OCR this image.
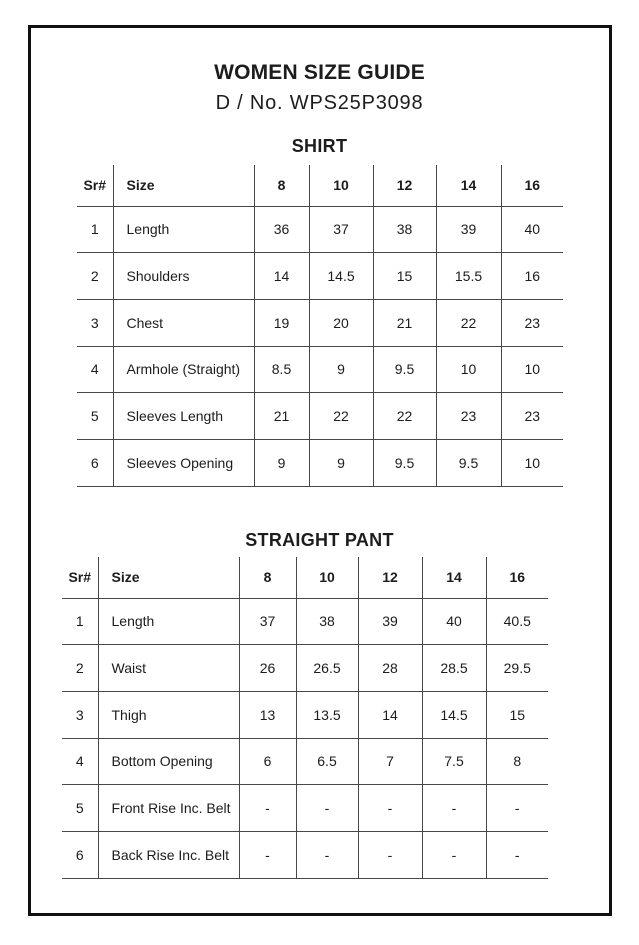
WOMEN SIZE GUIDE
D / No. WPS25P3098
SHIRT
Sr#	Size	8	10	12	14	16
1	Length	36	37	38	39	40
2	Shoulders	14	14.5	15	15.5	16
3	Chest	19	20	21	22	23
4	Armhole (Straight)	8.5	9	9.5	10	10
5	Sleeves Length	21	22	22	23	23
6	Sleeves Opening	9	9	9.5	9.5	10
STRAIGHT PANT
Sr#	Size	8	10	12	14	16
1	Length	37	38	39	40	40.5
2	Waist	26	26.5	28	28.5	29.5
3	Thigh	13	13.5	14	14.5	15
4	Bottom Opening	6	6.5	7	7.5	8
5	Front Rise Inc. Belt	-	-	-	-	-
6	Back Rise Inc. Belt	-	-	-	-	-
